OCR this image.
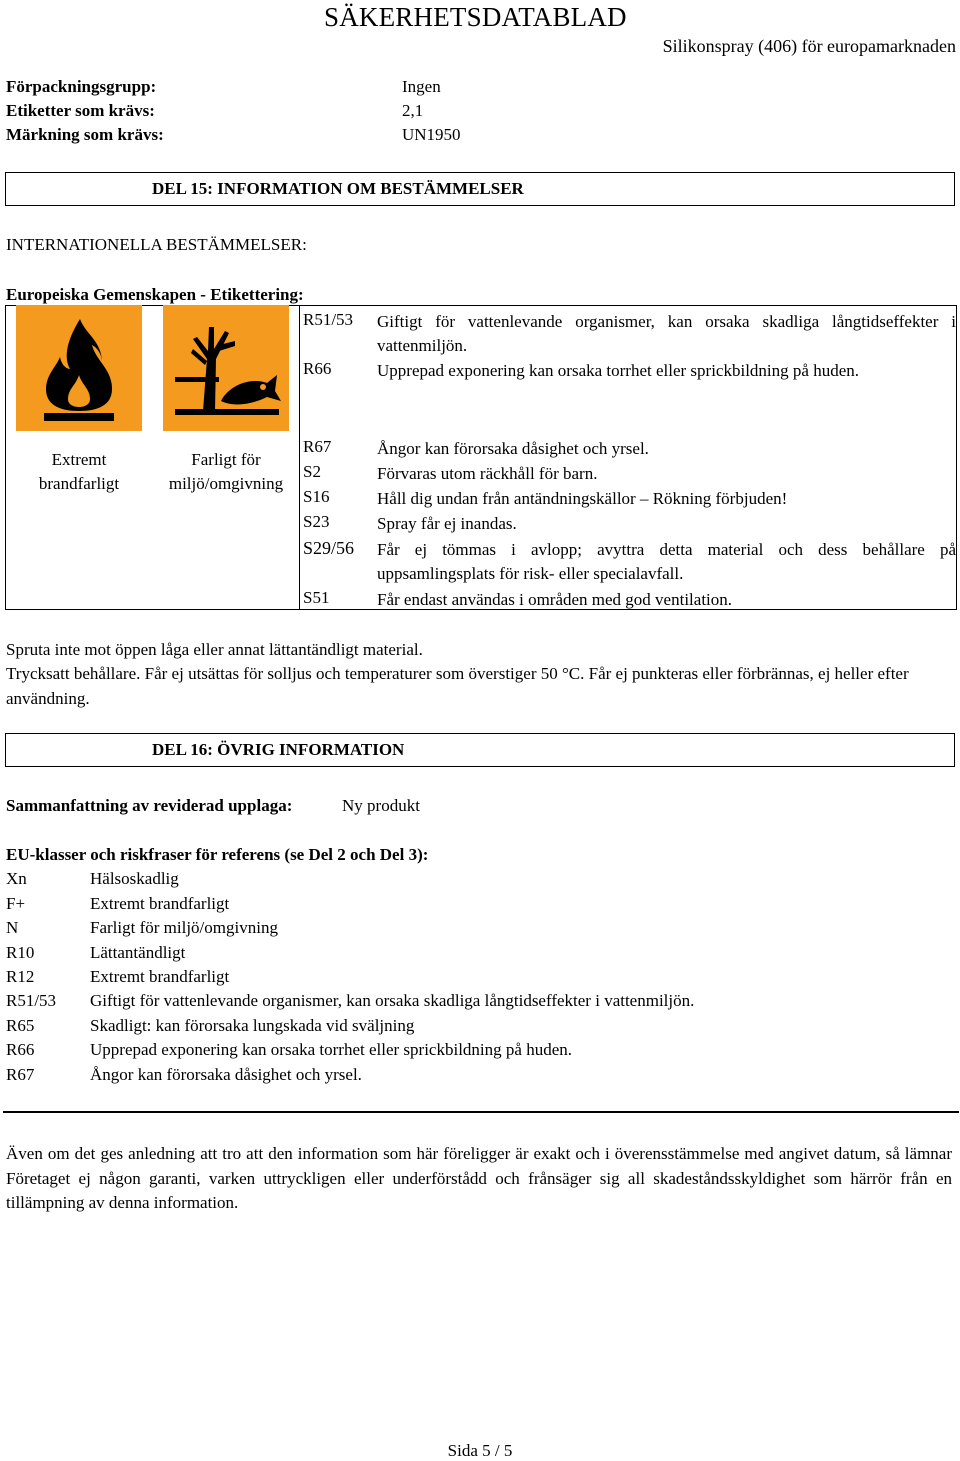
SÄKERHETSDATABLAD
Silikonspray (406) för europamarknaden
Förpackningsgrupp:	Ingen
Etiketter som krävs:	2,1
Märkning som krävs:	UN1950
DEL 15: INFORMATION OM BESTÄMMELSER
INTERNATIONELLA BESTÄMMELSER:
Europeiska Gemenskapen - Etikettering:
Extremt
brandfarligt
Farligt för
miljö/omgivning
R51/53 Giftigt för vattenlevande organismer, kan orsaka skadliga långtidseffekter i vattenmiljön.
R66	Upprepad exponering kan orsaka torrhet eller sprickbildning på huden.
R67	Ångor kan förorsaka dåsighet och yrsel.
S2	Förvaras utom räckhåll för barn.
S16	Håll dig undan från antändningskällor – Rökning förbjuden!
S23	Spray får ej inandas.
S29/56 Får ej tömmas i avlopp; avyttra detta material och dess behållare på uppsamlingsplats för risk- eller specialavfall.
S51	Får endast användas i områden med god ventilation.
Spruta inte mot öppen låga eller annat lättantändligt material.
Trycksatt behållare. Får ej utsättas för solljus och temperaturer som överstiger 50 °C. Får ej punkteras eller förbrännas, ej heller efter användning.
DEL 16: ÖVRIG INFORMATION
Sammanfattning av reviderad upplaga:	Ny produkt
EU-klasser och riskfraser för referens (se Del 2 och Del 3):
Xn	Hälsoskadlig
F+	Extremt brandfarligt
N	Farligt för miljö/omgivning
R10	Lättantändligt
R12	Extremt brandfarligt
R51/53 Giftigt för vattenlevande organismer, kan orsaka skadliga långtidseffekter i vattenmiljön.
R65	Skadligt: kan förorsaka lungskada vid sväljning
R66	Upprepad exponering kan orsaka torrhet eller sprickbildning på huden.
R67	Ångor kan förorsaka dåsighet och yrsel.
Även om det ges anledning att tro att den information som här föreligger är exakt och i överensstämmelse med angivet datum, så lämnar Företaget ej någon garanti, varken uttryckligen eller underförstådd och frånsäger sig all skadeståndsskyldighet som härrör från en tillämpning av denna information.
Sida 5 / 5
